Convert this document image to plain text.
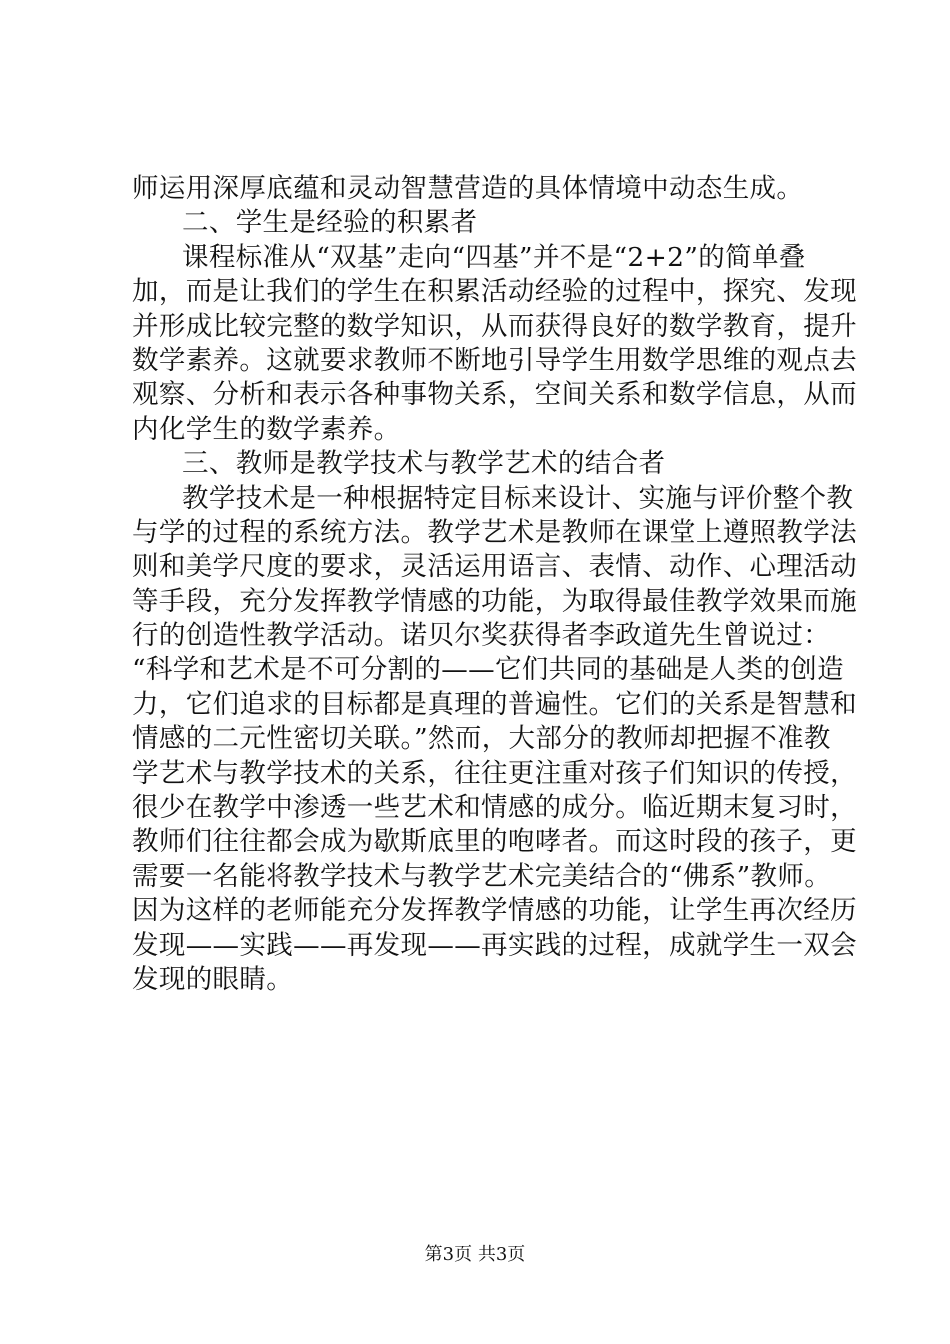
师运用深厚底蕴和灵动智慧营造的具体情境中动态生成。
二、学生是经验的积累者
课程标准从“双基”走向“四基”并不是“2+2”的简单叠
加，而是让我们的学生在积累活动经验的过程中，探究、发现
并形成比较完整的数学知识，从而获得良好的数学教育，提升
数学素养。这就要求教师不断地引导学生用数学思维的观点去
观察、分析和表示各种事物关系，空间关系和数学信息，从而
内化学生的数学素养。
三、教师是教学技术与教学艺术的结合者
教学技术是一种根据特定目标来设计、实施与评价整个教
与学的过程的系统方法。教学艺术是教师在课堂上遵照教学法
则和美学尺度的要求，灵活运用语言、表情、动作、心理活动
等手段，充分发挥教学情感的功能，为取得最佳教学效果而施
行的创造性教学活动。诺贝尔奖获得者李政道先生曾说过：
“科学和艺术是不可分割的——它们共同的基础是人类的创造
力，它们追求的目标都是真理的普遍性。它们的关系是智慧和
情感的二元性密切关联。”然而，大部分的教师却把握不准教
学艺术与教学技术的关系，往往更注重对孩子们知识的传授，
很少在教学中渗透一些艺术和情感的成分。临近期末复习时，
教师们往往都会成为歇斯底里的咆哮者。而这时段的孩子，更
需要一名能将教学技术与教学艺术完美结合的“佛系”教师。
因为这样的老师能充分发挥教学情感的功能，让学生再次经历
发现——实践——再发现——再实践的过程，成就学生一双会
发现的眼睛。
第3页 共3页
